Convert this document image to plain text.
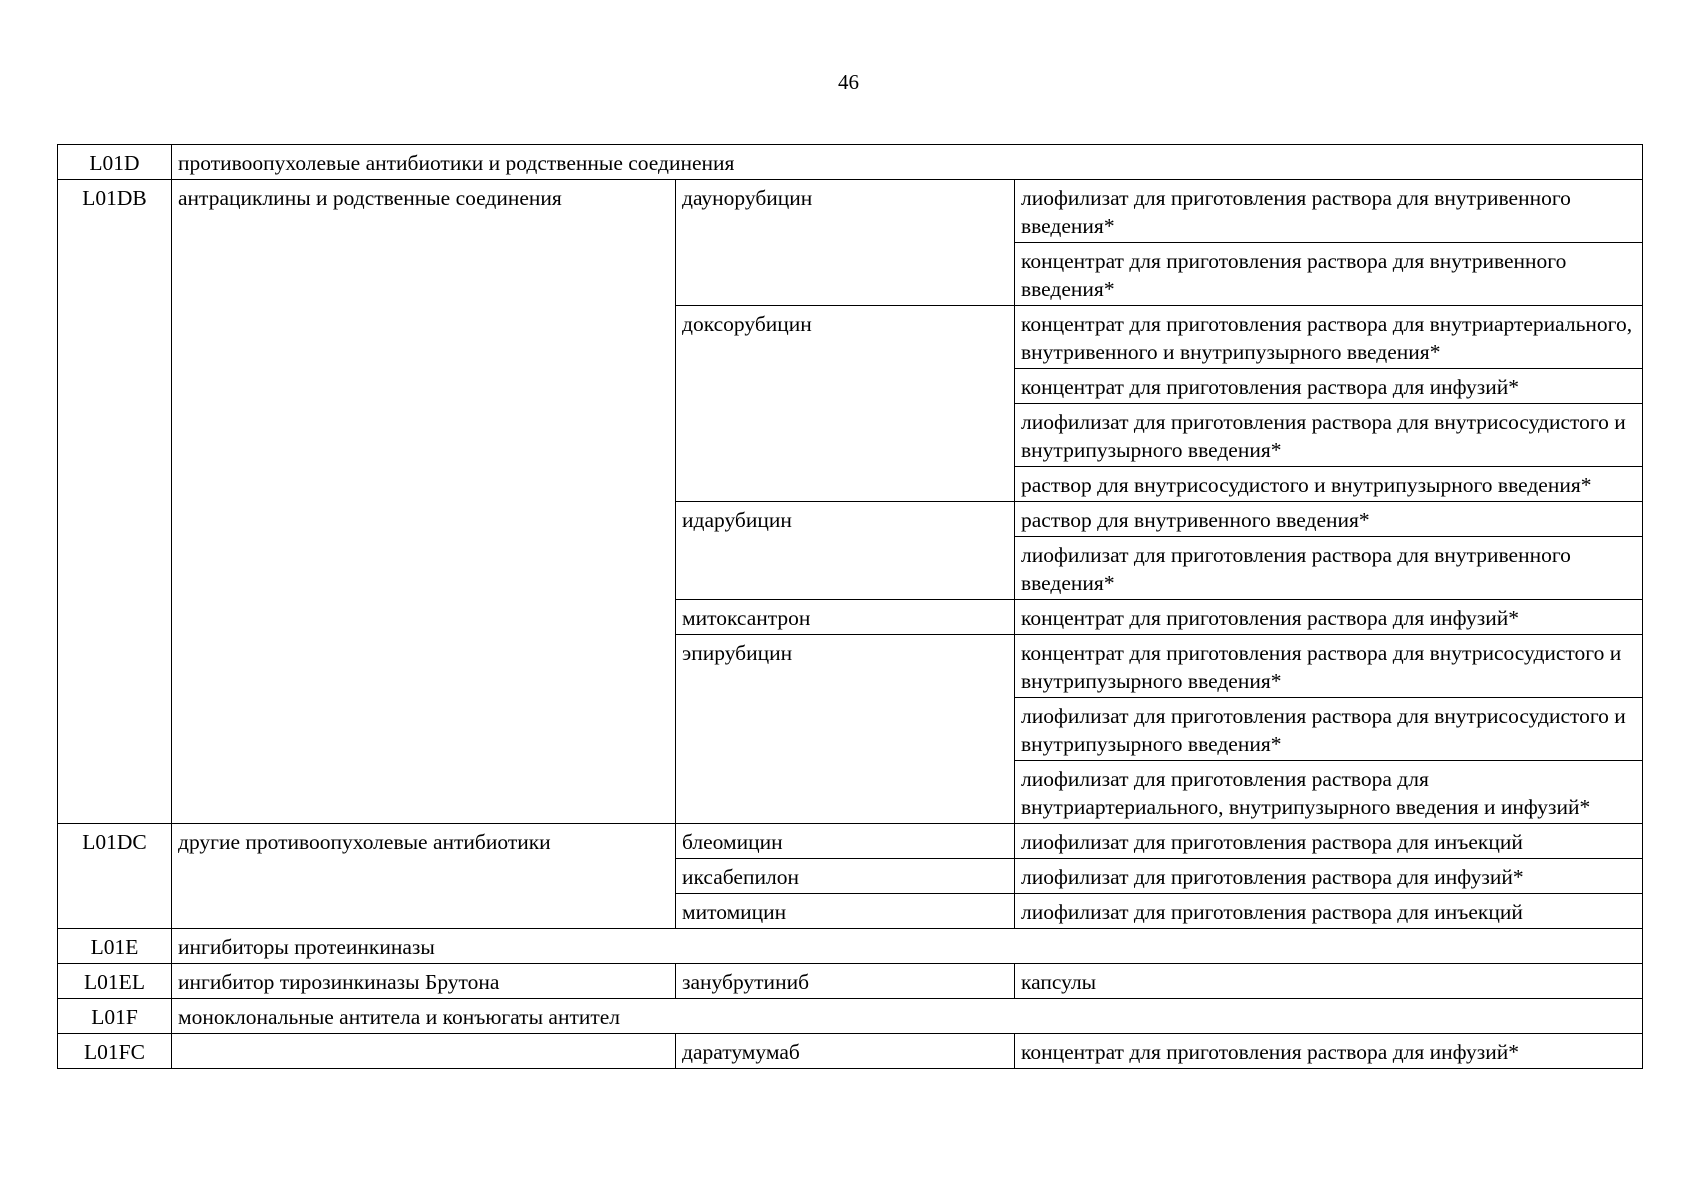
46
L01D	противоопухолевые антибиотики и родственные соединения		
L01DB	антрациклины и родственные соединения	даунорубицин	лиофилизат для приготовления раствора для внутривенного введения*
			концентрат для приготовления раствора для внутривенного введения*
		доксорубицин	концентрат для приготовления раствора для внутриартериального, внутривенного и внутрипузырного введения*
			концентрат для приготовления раствора для инфузий*
			лиофилизат для приготовления раствора для внутрисосудистого и внутрипузырного введения*
			раствор для внутрисосудистого и внутрипузырного введения*
		идарубицин	раствор для внутривенного введения*
			лиофилизат для приготовления раствора для внутривенного введения*
		митоксантрон	концентрат для приготовления раствора для инфузий*
		эпирубицин	концентрат для приготовления раствора для внутрисосудистого и внутрипузырного введения*
			лиофилизат для приготовления раствора для внутрисосудистого и внутрипузырного введения*
			лиофилизат для приготовления раствора для внутриартериального, внутрипузырного введения и инфузий*
L01DC	другие противоопухолевые антибиотики	блеомицин	лиофилизат для приготовления раствора для инъекций
		иксабепилон	лиофилизат для приготовления раствора для инфузий*
		митомицин	лиофилизат для приготовления раствора для инъекций
L01E	ингибиторы протеинкиназы		
L01EL	ингибитор тирозинкиназы Брутона	занубрутиниб	капсулы
L01F	моноклональные антитела и конъюгаты антител		
L01FC		даратумумаб	концентрат для приготовления раствора для инфузий*
